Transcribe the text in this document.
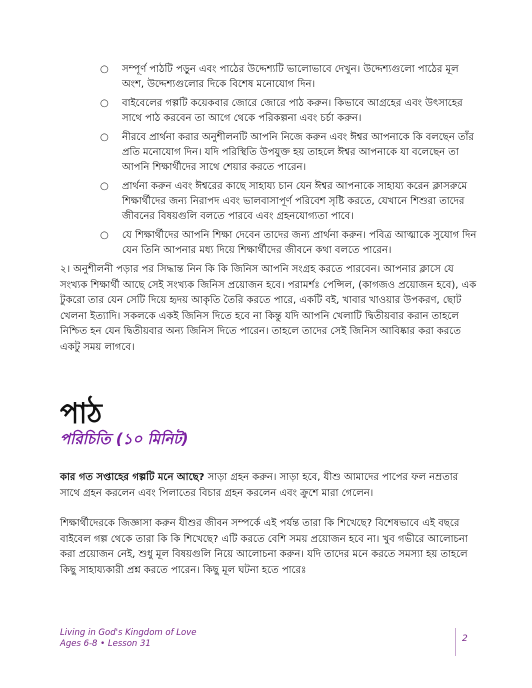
○ সম্পূর্ণ পাঠটি পড়ুন এবং পাঠের উদ্দেশ্যটি ভালোভাবে দেখুন। উদ্দেশ্যগুলো পাঠের মূল অংশ, উদ্দেশ্যগুলোর দিকে বিশেষ মনোযোগ দিন।
○ বাইবেলের গল্পটি কয়েকবার জোরে জোরে পাঠ করুন। কিভাবে আগ্রহের এবং উৎসাহের সাথে পাঠ করবেন তা আগে থেকে পরিকল্পনা এবং চর্চা করুন।
○ নীরবে প্রার্থনা করার অনুশীলনটি আপনি নিজে করুন এবং ঈশ্বর আপনাকে কি বলছেন তাঁর প্রতি মনোযোগ দিন। যদি পরিস্থিতি উপযুক্ত হয় তাহলে ঈশ্বর আপনাকে যা বলেছেন তা আপনি শিক্ষার্থীদের সাথে শেয়ার করতে পারেন।
○ প্রার্থনা করুন এবং ঈশ্বরের কাছে সাহায্য চান যেন ঈশ্বর আপনাকে সাহায্য করেন ক্লাসরুমে শিক্ষার্থীদের জন্য নিরাপদ এবং ভালবাসাপূর্ণ পরিবেশ সৃষ্টি করতে, যেখানে শিশুরা তাদের জীবনের বিষয়গুলি বলতে পারবে এবং গ্রহনযোগ্যতা পাবে।
○ যে শিক্ষার্থীদের আপনি শিক্ষা দেবেন তাদের জন্য প্রার্থনা করুন। পবিত্র আত্মাকে সুযোগ দিন যেন তিনি আপনার মধ্য দিয়ে শিক্ষার্থীদের জীবনে কথা বলতে পারেন।

২। অনুশীলনী পড়ার পর সিদ্ধান্ত নিন কি কি জিনিস আপনি সংগ্রহ করতে পারবেন। আপনার ক্লাসে যে সংখ্যক শিক্ষার্থী আছে সেই সংখ্যক জিনিস প্রয়োজন হবে। পরামর্শঃ পেন্সিল, (কাগজও প্রয়োজন হবে), এক টুকরো তার যেন সেটি দিয়ে হৃদয় আকৃতি তৈরি করতে পারে, একটি বই, খাবার খাওয়ার উপকরণ, ছোট খেলনা ইত্যাদি। সকলকে একই জিনিস দিতে হবে না কিন্তু যদি আপনি খেলাটি দ্বিতীয়বার করান তাহলে নিশ্চিত হন যেন দ্বিতীয়বার অন্য জিনিস দিতে পারেন। তাহলে তাদের সেই জিনিস আবিষ্কার করা করতে একটু সময় লাগবে।

পাঠ
পরিচিতি (১০ মিনিট)

কার গত সপ্তাহের গল্পটি মনে আছে? সাড়া গ্রহন করুন। সাড়া হবে, যীশু আমাদের পাপের ফল নম্রতার সাথে গ্রহন করলেন এবং পিলাতের বিচার গ্রহন করলেন এবং ক্রুশে মারা গেলেন।

শিক্ষার্থীদেরকে জিজ্ঞাসা করুন যীশুর জীবন সম্পর্কে এই পর্যন্ত তারা কি শিখেছে? বিশেষভাবে এই বছরে বাইবেল গল্প থেকে তারা কি কি শিখেছে? এটি করতে বেশি সময় প্রয়োজন হবে না। খুব গভীরে আলোচনা করা প্রয়োজন নেই, শুধু মূল বিষয়গুলি নিয়ে আলোচনা করুন। যদি তাদের মনে করতে সমস্যা হয় তাহলে কিছু সাহায্যকারী প্রশ্ন করতে পারেন। কিছু মূল ঘটনা হতে পারেঃ

Living in God's Kingdom of Love
Ages 6-8 • Lesson 31	2
